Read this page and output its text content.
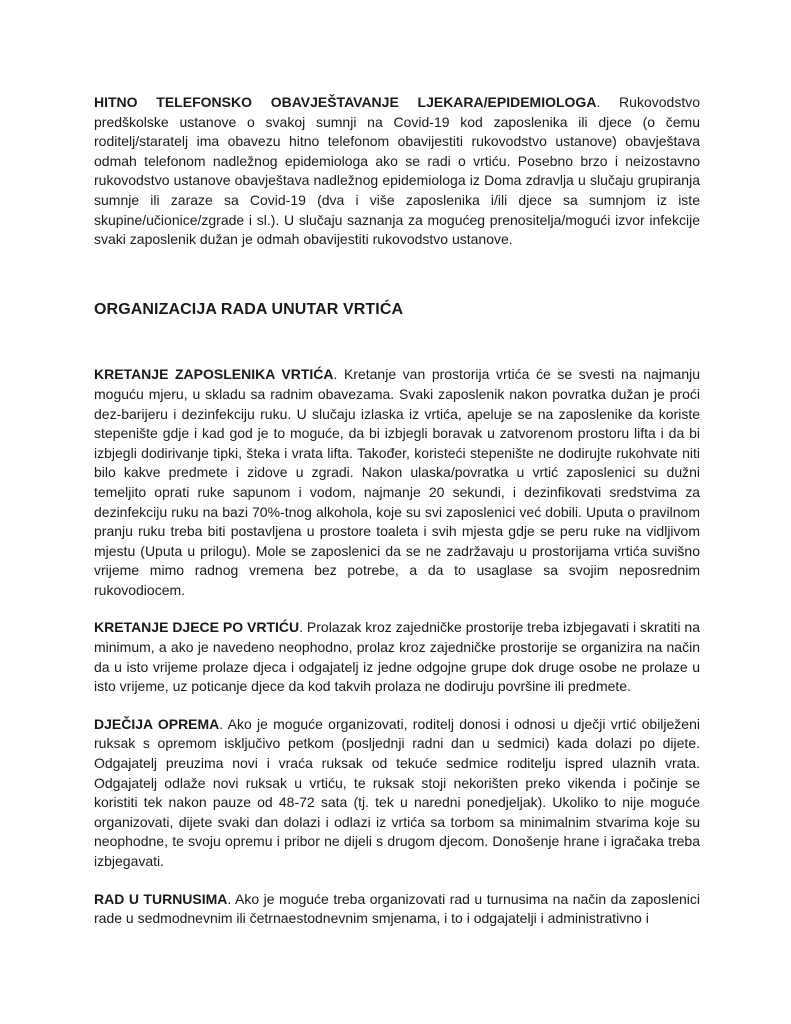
HITNO TELEFONSKO OBAVJEŠTAVANJE LJEKARA/EPIDEMIOLOGA. Rukovodstvo predškolske ustanove o svakoj sumnji na Covid-19 kod zaposlenika ili djece (o čemu roditelj/staratelj ima obavezu hitno telefonom obavijestiti rukovodstvo ustanove) obavještava odmah telefonom nadležnog epidemiologa ako se radi o vrtiću. Posebno brzo i neizostavno rukovodstvo ustanove obavještava nadležnog epidemiologa iz Doma zdravlja u slučaju grupiranja sumnje ili zaraze sa Covid-19 (dva i više zaposlenika i/ili djece sa sumnjom iz iste skupine/učionice/zgrade i sl.). U slučaju saznanja za mogućeg prenositelja/mogući izvor infekcije svaki zaposlenik dužan je odmah obavijestiti rukovodstvo ustanove.

ORGANIZACIJA RADA UNUTAR VRTIĆA

KRETANJE ZAPOSLENIKA VRTIĆA. Kretanje van prostorija vrtića će se svesti na najmanju moguću mjeru, u skladu sa radnim obavezama. Svaki zaposlenik nakon povratka dužan je proći dez-barijeru i dezinfekciju ruku. U slučaju izlaska iz vrtića, apeluje se na zaposlenike da koriste stepenište gdje i kad god je to moguće, da bi izbjegli boravak u zatvorenom prostoru lifta i da bi izbjegli dodirivanje tipki, šteka i vrata lifta. Također, koristeći stepenište ne dodirujte rukohvate niti bilo kakve predmete i zidove u zgradi. Nakon ulaska/povratka u vrtić zaposlenici su dužni temeljito oprati ruke sapunom i vodom, najmanje 20 sekundi, i dezinfikovati sredstvima za dezinfekciju ruku na bazi 70%-tnog alkohola, koje su svi zaposlenici već dobili. Uputa o pravilnom pranju ruku treba biti postavljena u prostore toaleta i svih mjesta gdje se peru ruke na vidljivom mjestu (Uputa u prilogu). Mole se zaposlenici da se ne zadržavaju u prostorijama vrtića suvišno vrijeme mimo radnog vremena bez potrebe, a da to usaglase sa svojim neposrednim rukovodiocem.

KRETANJE DJECE PO VRTIĆU. Prolazak kroz zajedničke prostorije treba izbjegavati i skratiti na minimum, a ako je navedeno neophodno, prolaz kroz zajedničke prostorije se organizira na način da u isto vrijeme prolaze djeca i odgajatelj iz jedne odgojne grupe dok druge osobe ne prolaze u isto vrijeme, uz poticanje djece da kod takvih prolaza ne dodiruju površine ili predmete.

DJEČIJA OPREMA. Ako je moguće organizovati, roditelj donosi i odnosi u dječji vrtić obilježeni ruksak s opremom isključivo petkom (posljednji radni dan u sedmici) kada dolazi po dijete. Odgajatelj preuzima novi i vraća ruksak od tekuće sedmice roditelju ispred ulaznih vrata. Odgajatelj odlaže novi ruksak u vrtiću, te ruksak stoji nekorišten preko vikenda i počinje se koristiti tek nakon pauze od 48-72 sata (tj. tek u naredni ponedjeljak). Ukoliko to nije moguće organizovati, dijete svaki dan dolazi i odlazi iz vrtića sa torbom sa minimalnim stvarima koje su neophodne, te svoju opremu i pribor ne dijeli s drugom djecom. Donošenje hrane i igračaka treba izbjegavati.

RAD U TURNUSIMA. Ako je moguće treba organizovati rad u turnusima na način da zaposlenici rade u sedmodnevnim ili četrnaestodnevnim smjenama, i to i odgajatelji i administrativno i
